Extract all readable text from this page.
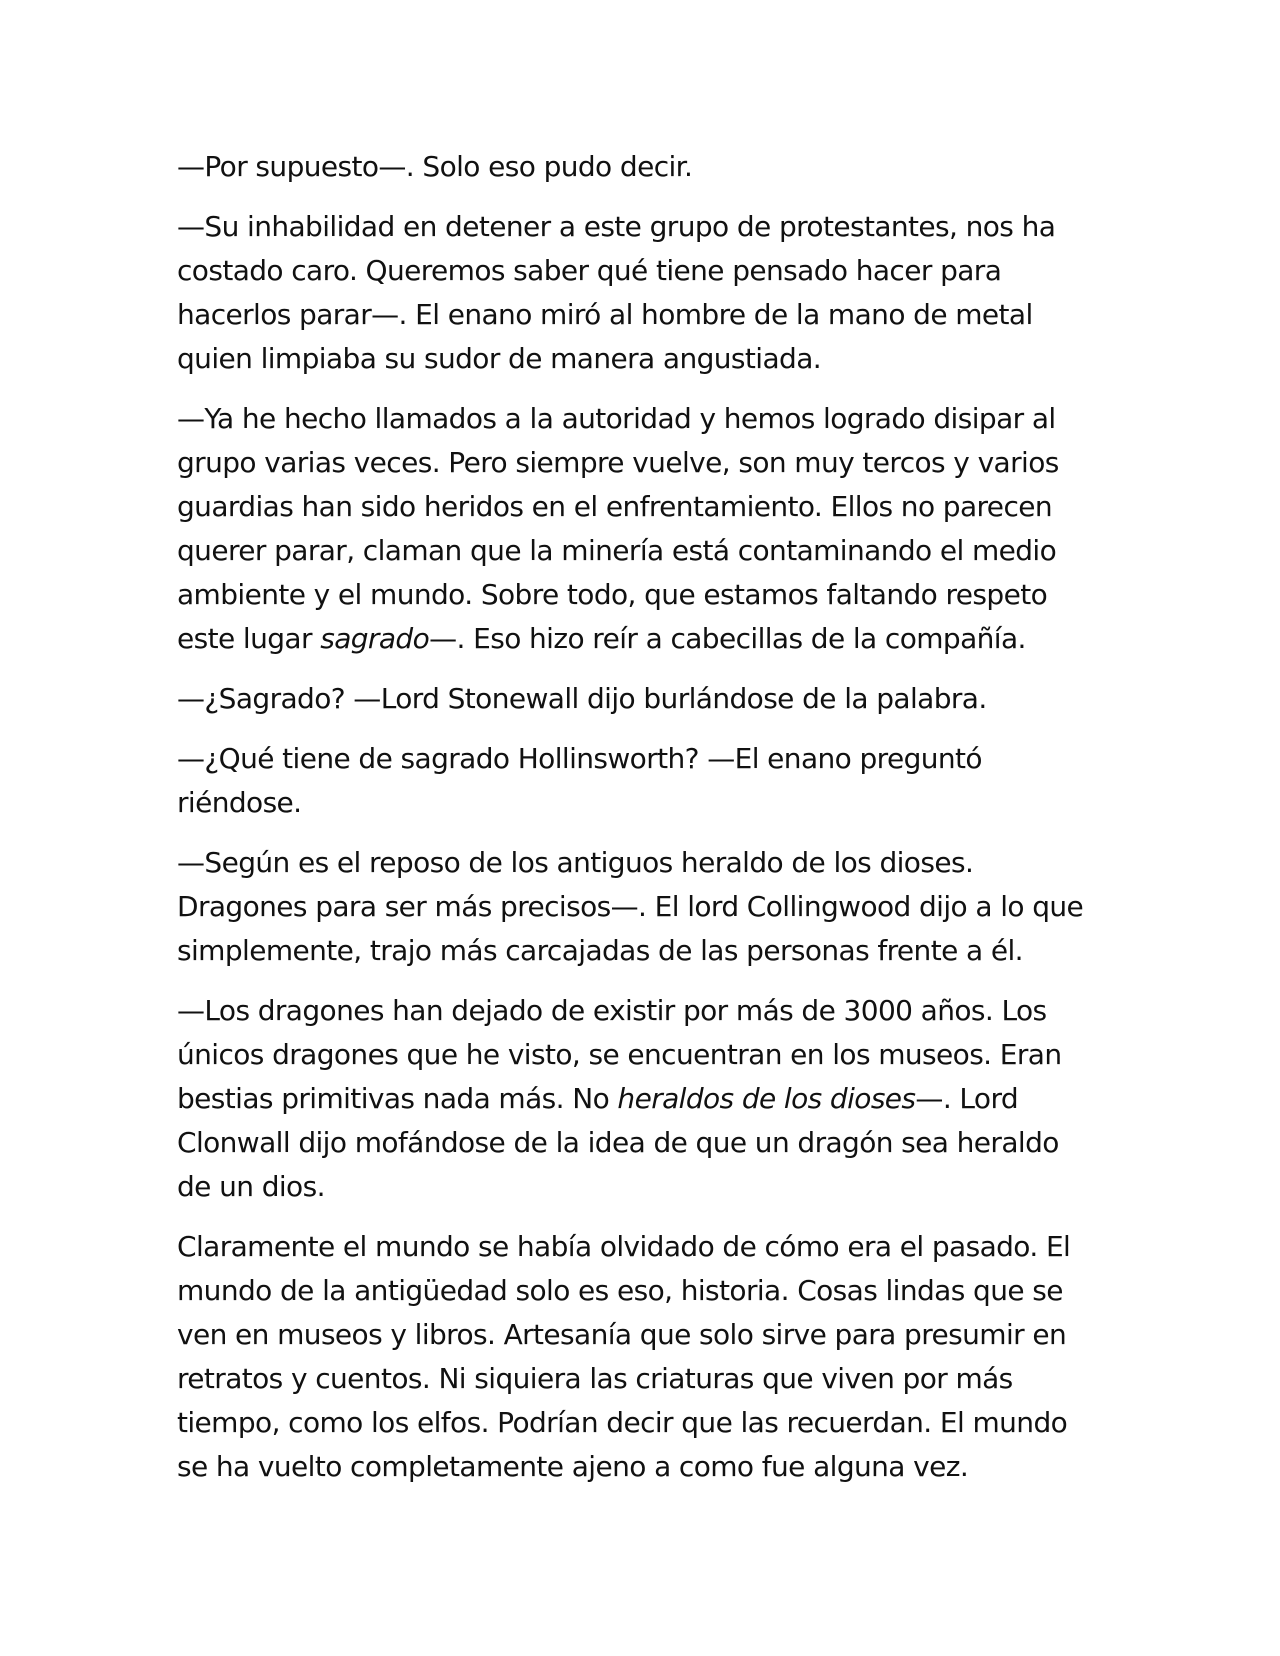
—Por supuesto—. Solo eso pudo decir.

—Su inhabilidad en detener a este grupo de protestantes, nos ha
costado caro. Queremos saber qué tiene pensado hacer para
hacerlos parar—. El enano miró al hombre de la mano de metal
quien limpiaba su sudor de manera angustiada.

—Ya he hecho llamados a la autoridad y hemos logrado disipar al
grupo varias veces. Pero siempre vuelve, son muy tercos y varios
guardias han sido heridos en el enfrentamiento. Ellos no parecen
querer parar, claman que la minería está contaminando el medio
ambiente y el mundo. Sobre todo, que estamos faltando respeto
este lugar sagrado—. Eso hizo reír a cabecillas de la compañía.

—¿Sagrado? —Lord Stonewall dijo burlándose de la palabra.

—¿Qué tiene de sagrado Hollinsworth? —El enano preguntó
riéndose.

—Según es el reposo de los antiguos heraldo de los dioses.
Dragones para ser más precisos—. El lord Collingwood dijo a lo que
simplemente, trajo más carcajadas de las personas frente a él.

—Los dragones han dejado de existir por más de 3000 años. Los
únicos dragones que he visto, se encuentran en los museos. Eran
bestias primitivas nada más. No heraldos de los dioses—. Lord
Clonwall dijo mofándose de la idea de que un dragón sea heraldo
de un dios.

Claramente el mundo se había olvidado de cómo era el pasado. El
mundo de la antigüedad solo es eso, historia. Cosas lindas que se
ven en museos y libros. Artesanía que solo sirve para presumir en
retratos y cuentos. Ni siquiera las criaturas que viven por más
tiempo, como los elfos. Podrían decir que las recuerdan. El mundo
se ha vuelto completamente ajeno a como fue alguna vez.
